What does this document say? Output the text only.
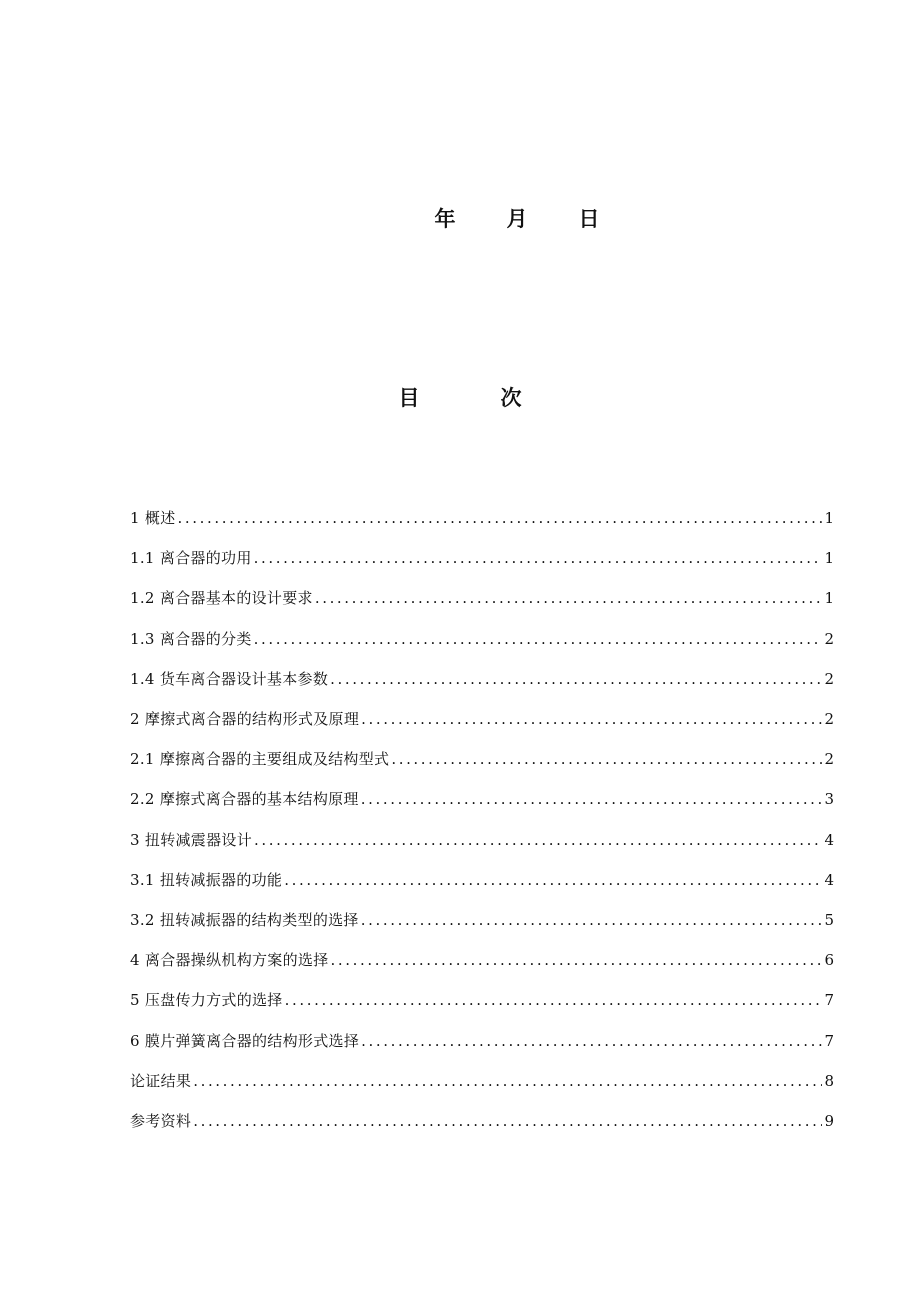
年 月 日
目　次
1 概述 .....	1
1.1 离合器的功用 .....	1
1.2 离合器基本的设计要求 .....	1
1.3 离合器的分类 .....	2
1.4 货车离合器设计基本参数 .....	2
2 摩擦式离合器的结构形式及原理 .....	2
2.1 摩擦离合器的主要组成及结构型式 .....	2
2.2 摩擦式离合器的基本结构原理 .....	3
3 扭转减震器设计 .....	4
3.1 扭转减振器的功能 .....	4
3.2 扭转减振器的结构类型的选择 .....	5
4 离合器操纵机构方案的选择 .....	6
5 压盘传力方式的选择 .....	7
6 膜片弹簧离合器的结构形式选择 .....	7
论证结果 .....	8
参考资料 .....	9
